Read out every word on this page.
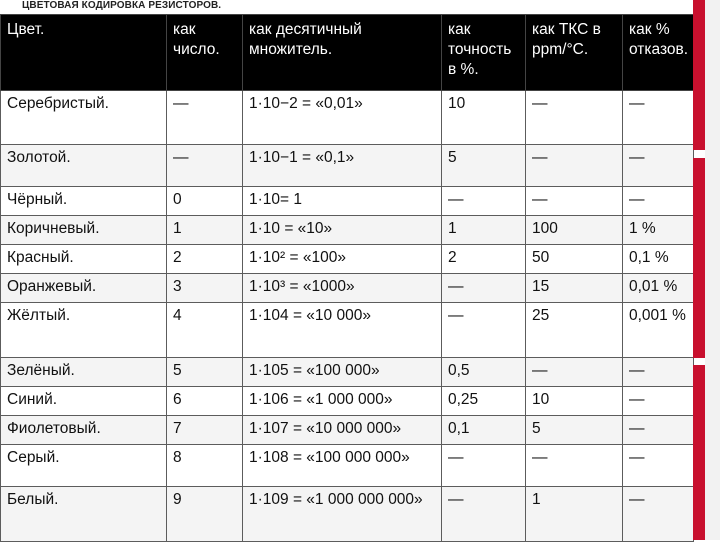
ЦВЕТОВАЯ КОДИРОВКА РЕЗИСТОРОВ.
Цвет.	как число.	как десятичный множитель.	как точность в %.	как ТКС в ppm/°C.	как % отказов.
Серебристый.	—	1·10−2 = «0,01»	10	—	—
Золотой.	—	1·10−1 = «0,1»	5	—	—
Чёрный.	0	1·10= 1	—	—	—
Коричневый.	1	1·10 = «10»	1	100	1 %
Красный.	2	1·10² = «100»	2	50	0,1 %
Оранжевый.	3	1·10³ = «1000»	—	15	0,01 %
Жёлтый.	4	1·104 = «10 000»	—	25	0,001 %
Зелёный.	5	1·105 = «100 000»	0,5	—	—
Синий.	6	1·106 = «1 000 000»	0,25	10	—
Фиолетовый.	7	1·107 = «10 000 000»	0,1	5	—
Серый.	8	1·108 = «100 000 000»	—	—	—
Белый.	9	1·109 = «1 000 000 000»	—	1	—
